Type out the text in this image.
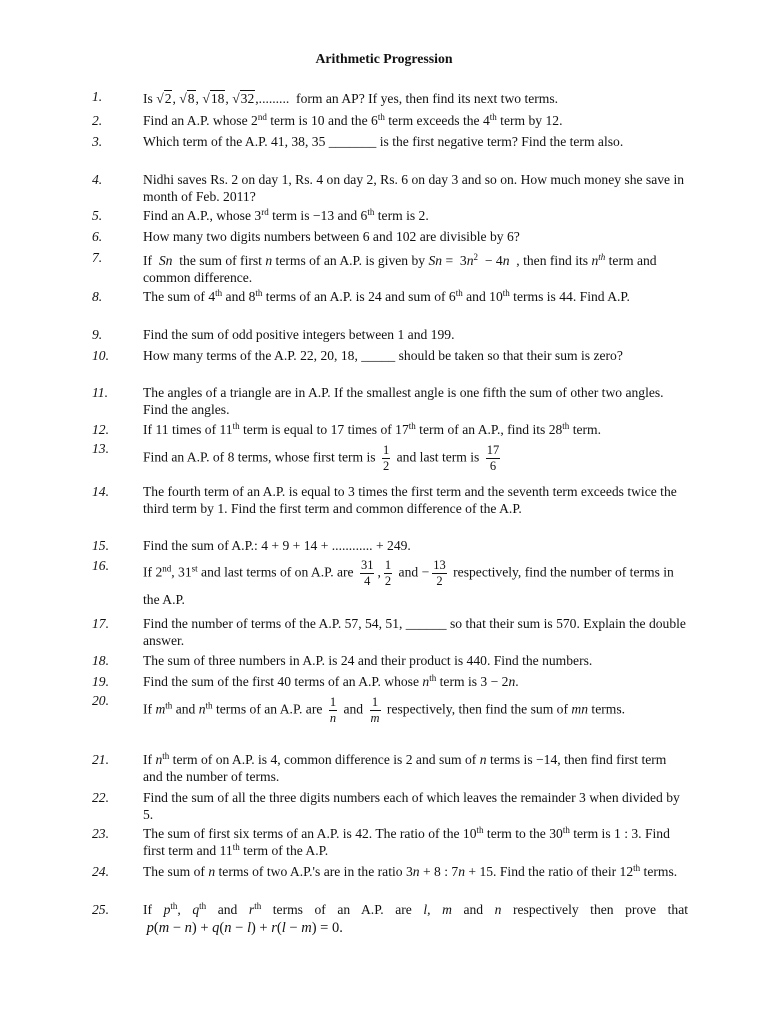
Arithmetic Progression
1.	Is √2, √8, √18, √32,.........  form an AP? If yes, then find its next two terms.
2.	Find an A.P. whose 2nd term is 10 and the 6th term exceeds the 4th term by 12.
3.	Which term of the A.P. 41, 38, 35 _______ is the first negative term? Find the term also.
4.	Nidhi saves Rs. 2 on day 1, Rs. 4 on day 2, Rs. 6 on day 3 and so on. How much money she save in month of Feb. 2011?
5.	Find an A.P., whose 3rd term is −13 and 6th term is 2.
6.	How many two digits numbers between 6 and 102 are divisible by 6?
7.	If  Sn  the sum of first n terms of an A.P. is given by $Sn = 3n^2 - 4n$  , then find its $n^{th}$ term and common difference.
8.	The sum of 4th and 8th terms of an A.P. is 24 and sum of 6th and 10th terms is 44. Find A.P.
9.	Find the sum of odd positive integers between 1 and 199.
10.	How many terms of the A.P. 22, 20, 18, _____ should be taken so that their sum is zero?
11.	The angles of a triangle are in A.P. If the smallest angle is one fifth the sum of other two angles. Find the angles.
12.	If 11 times of 11th term is equal to 17 times of 17th term of an A.P., find its 28th term.
13.
Find an A.P. of 8 terms, whose first term is $\frac{1}{2}$ and last term is $\frac{17}{6}$
14.	The fourth term of an A.P. is equal to 3 times the first term and the seventh term exceeds twice the third term by 1. Find the first term and common difference of the A.P.
15.	Find the sum of A.P.: 4 + 9 + 14 + ............ + 249.
16.	If 2nd, 31st and last terms of on A.P. are $\frac{31}{4}$ , $\frac{1}{2}$ and − $\frac{13}{2}$ respectively, find the number of terms in the A.P.
17.	Find the number of terms of the A.P. 57, 54, 51, ______ so that their sum is 570. Explain the double answer.
18.	The sum of three numbers in A.P. is 24 and their product is 440. Find the numbers.
19.	Find the sum of the first 40 terms of an A.P. whose $n^{th}$ term is 3 − 2n.
20.
If $m^{th}$ and $n^{th}$ terms of an A.P. are $\frac{1}{n}$ and $\frac{1}{m}$ respectively, then find the sum of mn terms.
21.	If $n^{th}$ term of on A.P. is 4, common difference is 2 and sum of n terms is −14, then find first term and the number of terms.
22.	Find the sum of all the three digits numbers each of which leaves the remainder 3 when divided by 5.
23.	The sum of first six terms of an A.P. is 42. The ratio of the 10th term to the 30th term is 1 : 3. Find first term and 11th term of the A.P.
24.	The sum of n terms of two A.P.'s are in the ratio 3n + 8 : 7n + 15. Find the ratio of their 12th terms.
25.	If $p^{th}$, $q^{th}$ and $r^{th}$ terms of an A.P. are l, m and n respectively then prove that
p(m − n) + q(n − l) + r(l − m) = 0.
